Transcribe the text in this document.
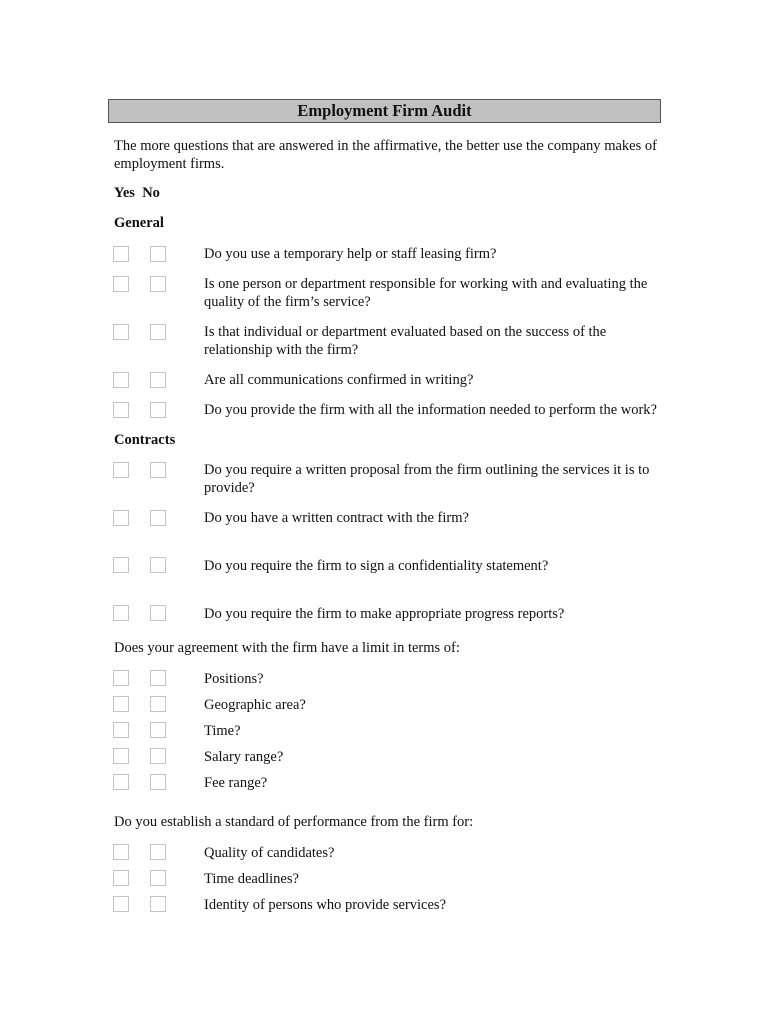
Employment Firm Audit
The more questions that are answered in the affirmative, the better use the company makes of employment firms.
Yes No
General
Do you use a temporary help or staff leasing firm?
Is one person or department responsible for working with and evaluating the quality of the firm’s service?
Is that individual or department evaluated based on the success of the relationship with the firm?
Are all communications confirmed in writing?
Do you provide the firm with all the information needed to perform the work?
Contracts
Do you require a written proposal from the firm outlining the services it is to provide?
Do you have a written contract with the firm?
Do you require the firm to sign a confidentiality statement?
Do you require the firm to make appropriate progress reports?
Does your agreement with the firm have a limit in terms of:
Positions?
Geographic area?
Time?
Salary range?
Fee range?
Do you establish a standard of performance from the firm for:
Quality of candidates?
Time deadlines?
Identity of persons who provide services?
